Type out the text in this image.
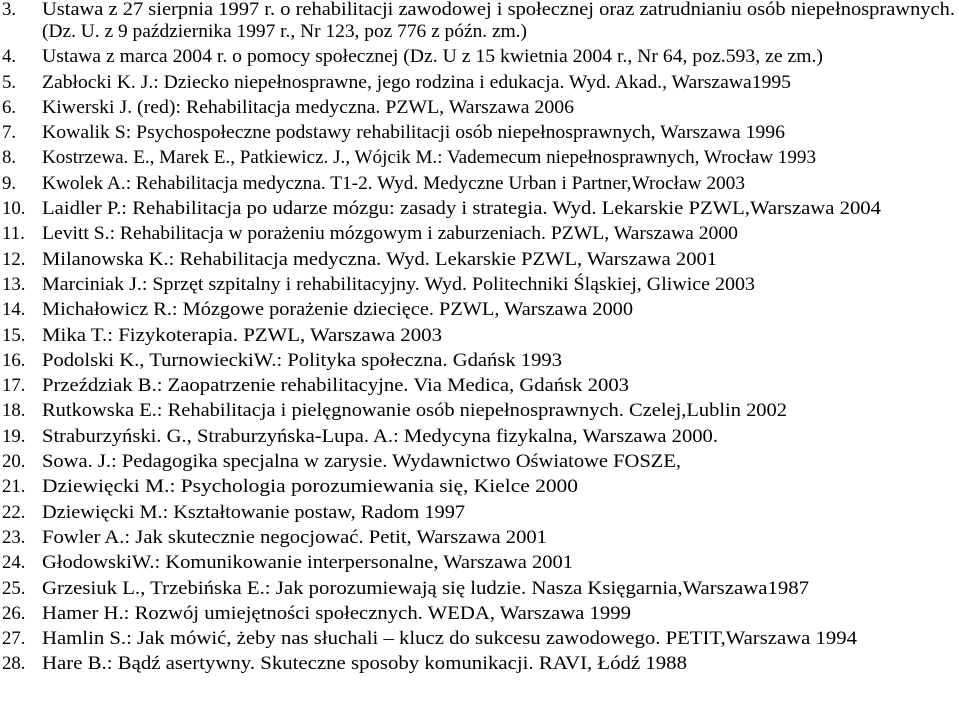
3. Ustawa z 27 sierpnia 1997 r. o rehabilitacji zawodowej i społecznej oraz zatrudnianiu osób niepełnosprawnych.
(Dz. U. z 9 października 1997 r., Nr 123, poz 776 z późn. zm.)
4. Ustawa z marca 2004 r. o pomocy społecznej (Dz. U z 15 kwietnia 2004 r., Nr 64, poz.593, ze zm.)
5. Zabłocki K. J.: Dziecko niepełnosprawne, jego rodzina i edukacja. Wyd. Akad., Warszawa1995
6. Kiwerski J. (red): Rehabilitacja medyczna. PZWL, Warszawa 2006
7. Kowalik S: Psychospołeczne podstawy rehabilitacji osób niepełnosprawnych, Warszawa 1996
8. Kostrzewa. E., Marek E., Patkiewicz. J., Wójcik M.: Vademecum niepełnosprawnych, Wrocław 1993
9. Kwolek A.: Rehabilitacja medyczna. T1-2. Wyd. Medyczne Urban i Partner,Wrocław 2003
10. Laidler P.: Rehabilitacja po udarze mózgu: zasady i strategia. Wyd. Lekarskie PZWL,Warszawa 2004
11. Levitt S.: Rehabilitacja w porażeniu mózgowym i zaburzeniach. PZWL, Warszawa 2000
12. Milanowska K.: Rehabilitacja medyczna. Wyd. Lekarskie PZWL, Warszawa 2001
13. Marciniak J.: Sprzęt szpitalny i rehabilitacyjny. Wyd. Politechniki Śląskiej, Gliwice 2003
14. Michałowicz R.: Mózgowe porażenie dziecięce. PZWL, Warszawa 2000
15. Mika T.: Fizykoterapia. PZWL, Warszawa 2003
16. Podolski K., TurnowieckiW.: Polityka społeczna. Gdańsk 1993
17. Przeździak B.: Zaopatrzenie rehabilitacyjne. Via Medica, Gdańsk 2003
18. Rutkowska E.: Rehabilitacja i pielęgnowanie osób niepełnosprawnych. Czelej,Lublin 2002
19. Straburzyński. G., Straburzyńska-Lupa. A.: Medycyna fizykalna, Warszawa 2000.
20. Sowa. J.: Pedagogika specjalna w zarysie. Wydawnictwo Oświatowe FOSZE,
21. Dziewięcki M.: Psychologia porozumiewania się, Kielce 2000
22. Dziewięcki M.: Kształtowanie postaw, Radom 1997
23. Fowler A.: Jak skutecznie negocjować. Petit, Warszawa 2001
24. GłodowskiW.: Komunikowanie interpersonalne, Warszawa 2001
25. Grzesiuk L., Trzebińska E.: Jak porozumiewają się ludzie. Nasza Księgarnia,Warszawa1987
26. Hamer H.: Rozwój umiejętności społecznych. WEDA, Warszawa 1999
27. Hamlin S.: Jak mówić, żeby nas słuchali – klucz do sukcesu zawodowego. PETIT,Warszawa 1994
28. Hare B.: Bądź asertywny. Skuteczne sposoby komunikacji. RAVI, Łódź 1988
